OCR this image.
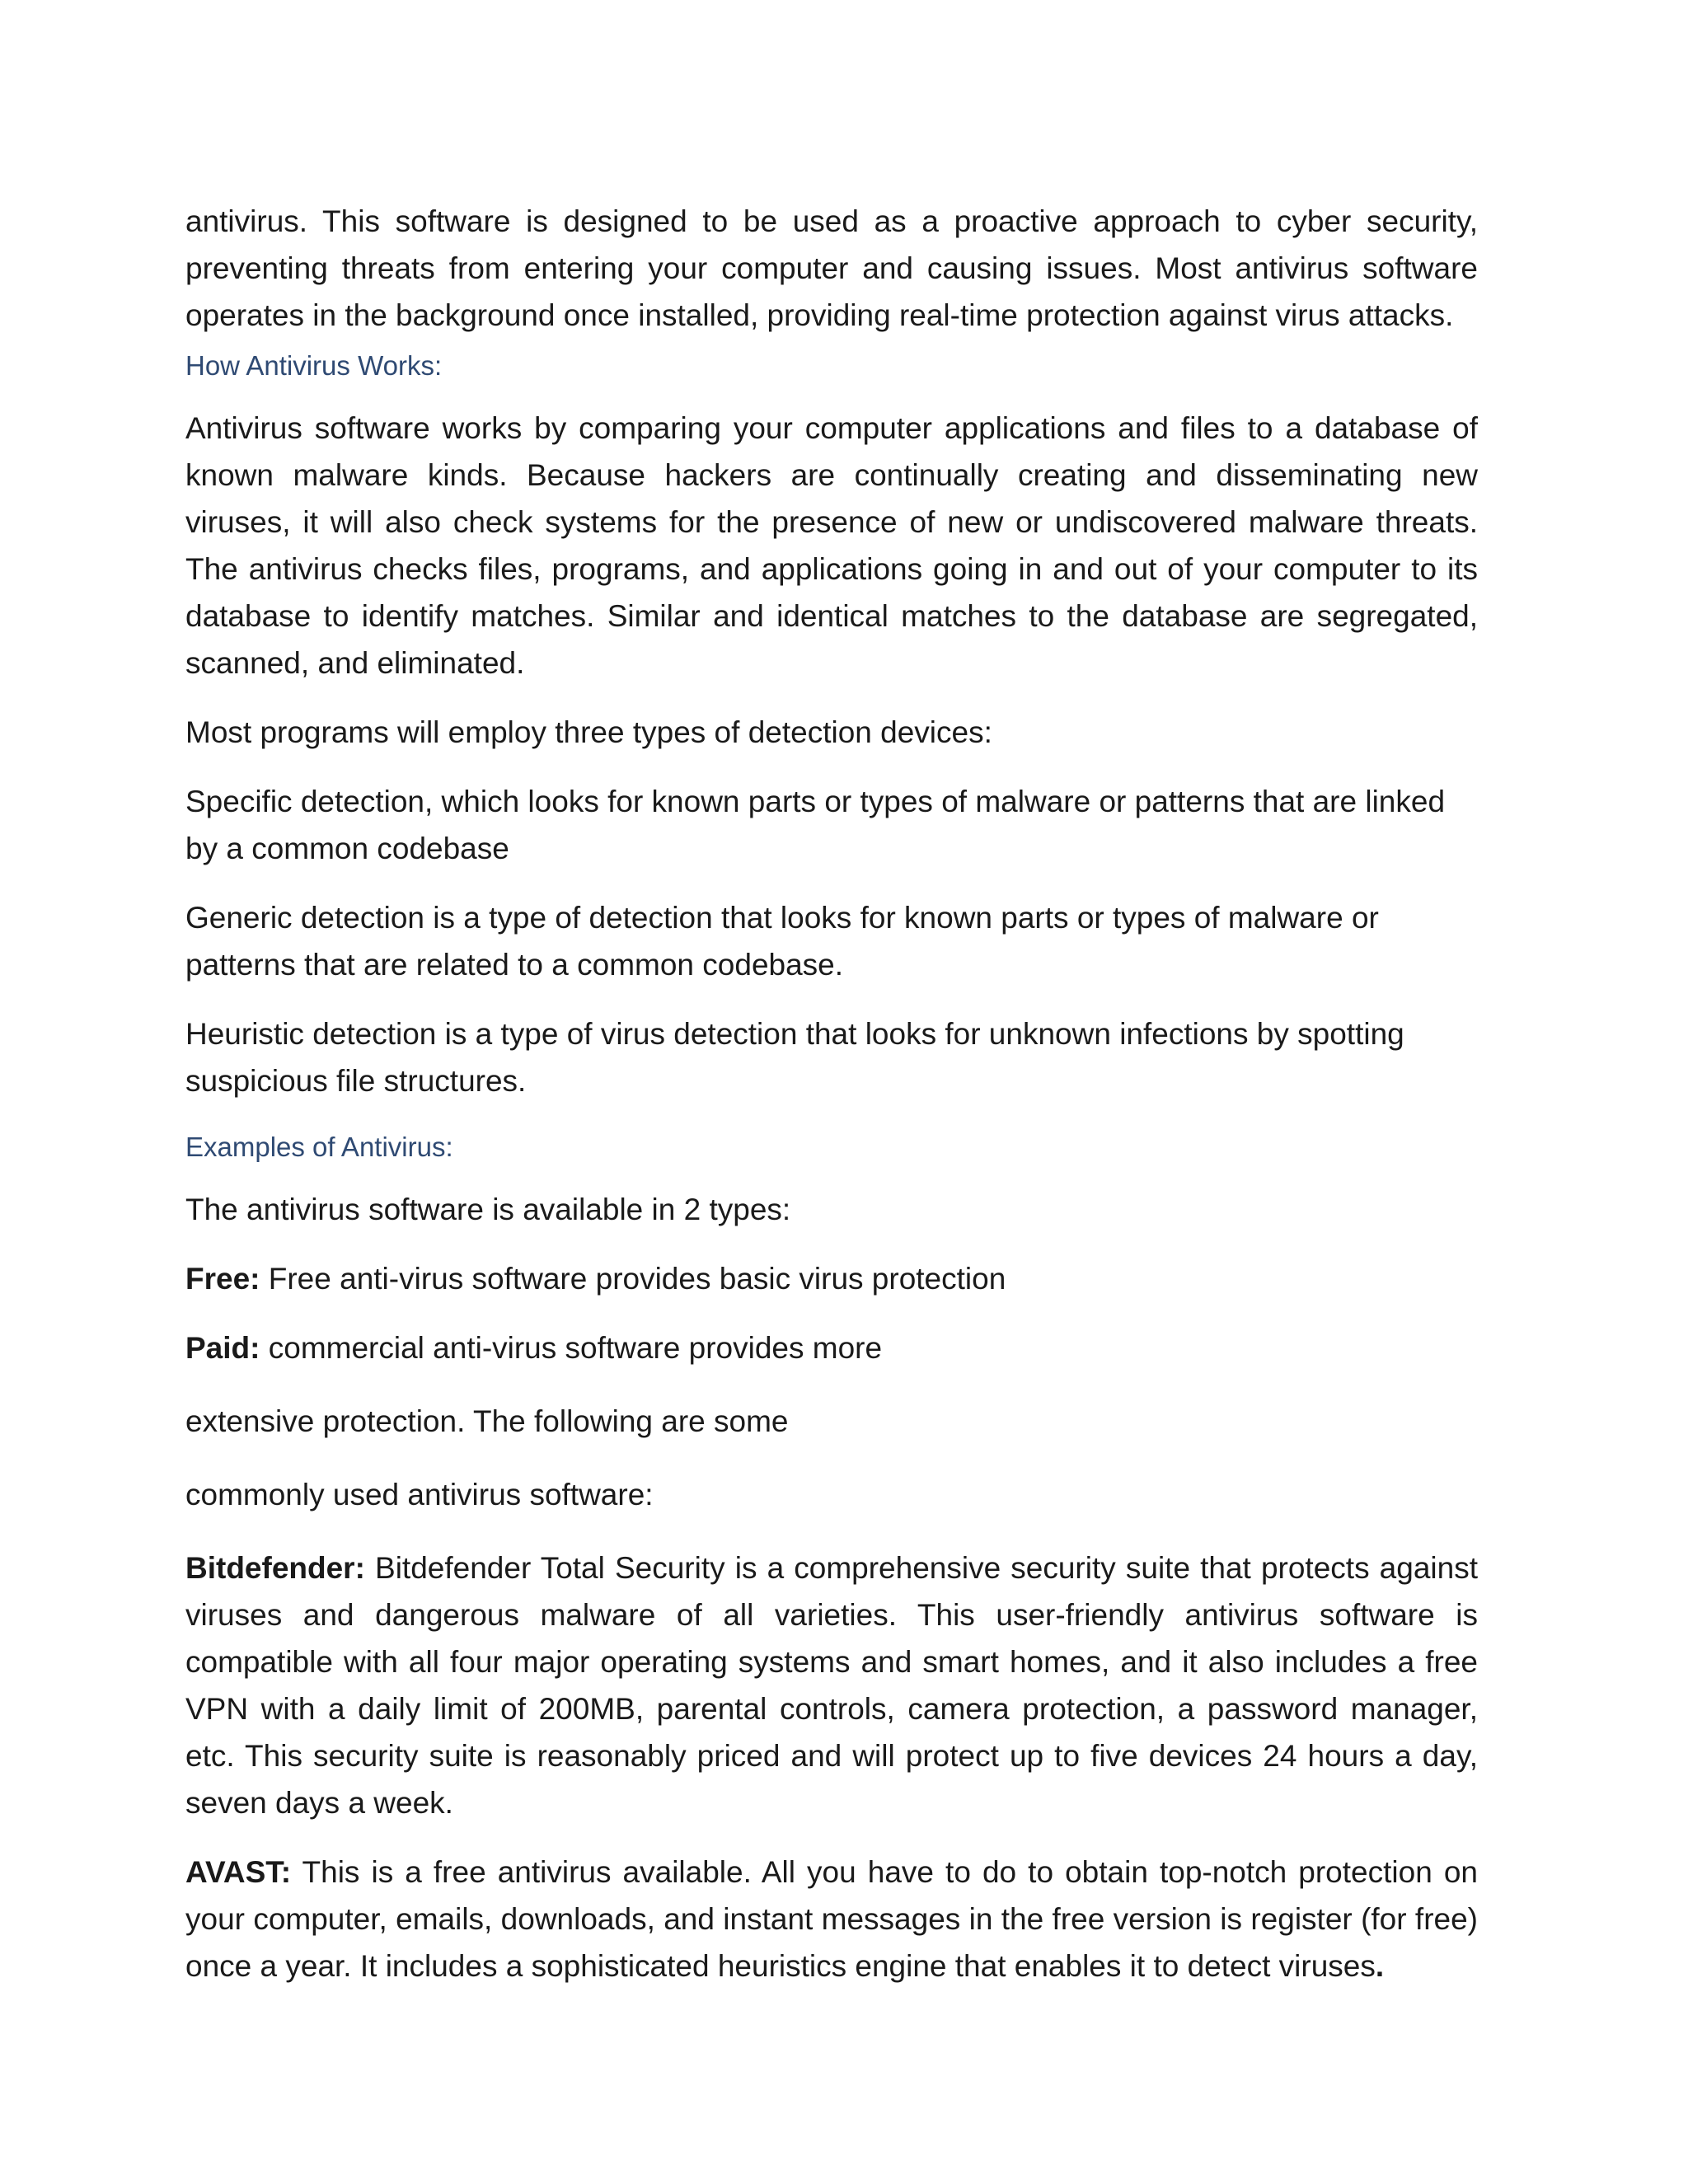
antivirus. This software is designed to be used as a proactive approach to cyber security, preventing threats from entering your computer and causing issues. Most antivirus software operates in the background once installed, providing real-time protection against virus attacks.

How Antivirus Works:

Antivirus software works by comparing your computer applications and files to a database of known malware kinds. Because hackers are continually creating and disseminating new viruses, it will also check systems for the presence of new or undiscovered malware threats. The antivirus checks files, programs, and applications going in and out of your computer to its database to identify matches. Similar and identical matches to the database are segregated, scanned, and eliminated.

Most programs will employ three types of detection devices:

Specific detection, which looks for known parts or types of malware or patterns that are linked by a common codebase

Generic detection is a type of detection that looks for known parts or types of malware or patterns that are related to a common codebase.

Heuristic detection is a type of virus detection that looks for unknown infections by spotting suspicious file structures.

Examples of Antivirus:

The antivirus software is available in 2 types:

Free: Free anti-virus software provides basic virus protection

Paid: commercial anti-virus software provides more

extensive protection. The following are some

commonly used antivirus software:

Bitdefender: Bitdefender Total Security is a comprehensive security suite that protects against viruses and dangerous malware of all varieties. This user-friendly antivirus software is compatible with all four major operating systems and smart homes, and it also includes a free VPN with a daily limit of 200MB, parental controls, camera protection, a password manager, etc. This security suite is reasonably priced and will protect up to five devices 24 hours a day, seven days a week.

AVAST: This is a free antivirus available. All you have to do to obtain top-notch protection on your computer, emails, downloads, and instant messages in the free version is register (for free) once a year. It includes a sophisticated heuristics engine that enables it to detect viruses.
